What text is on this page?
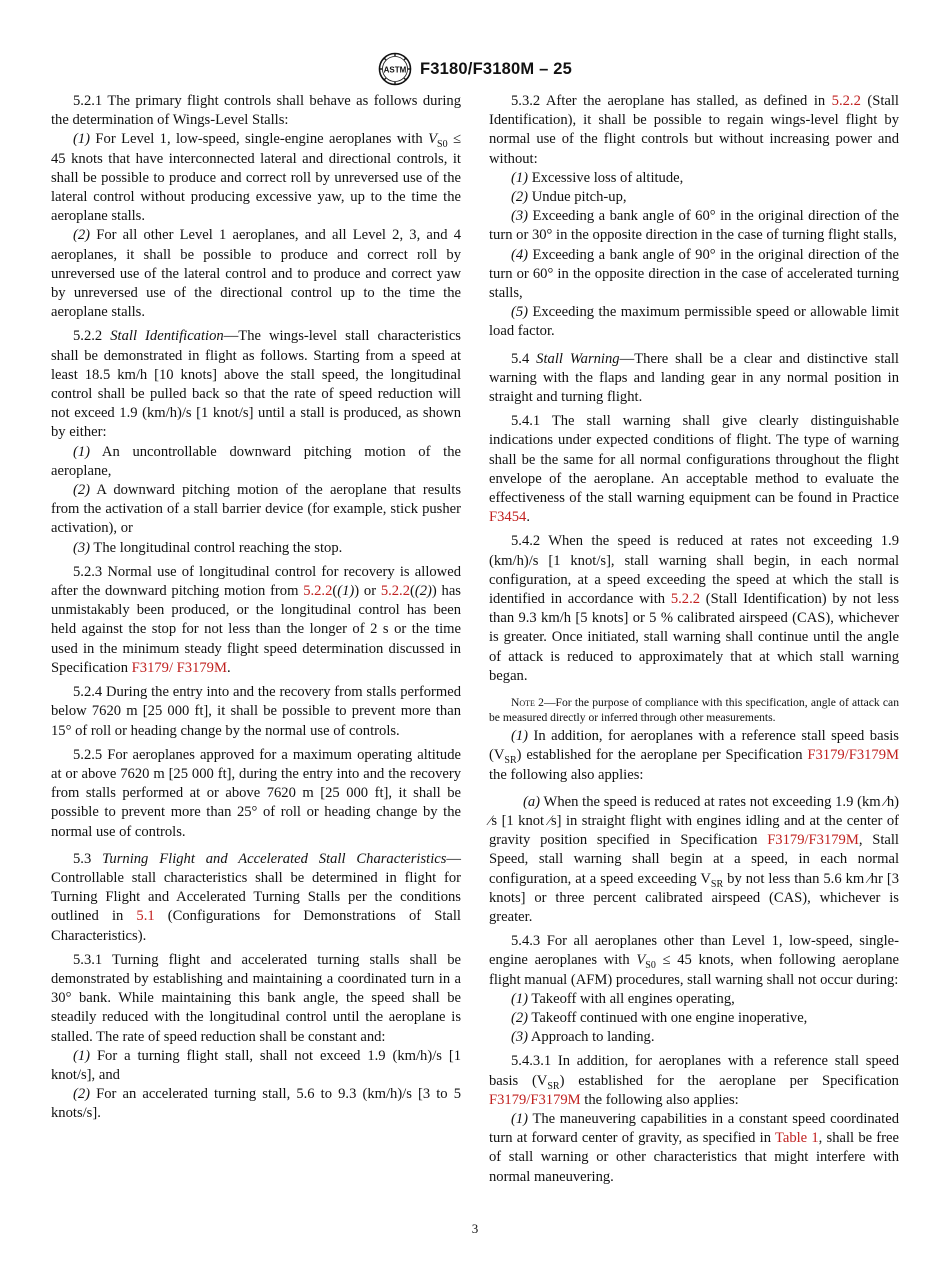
ASTM F3180/F3180M – 25

5.2.1 The primary flight controls shall behave as follows during the determination of Wings-Level Stalls:

(1) For Level 1, low-speed, single-engine aeroplanes with $V_{S0} \le 45$ knots that have interconnected lateral and directional controls, it shall be possible to produce and correct roll by unreversed use of the lateral control without producing excessive yaw, up to the time the aeroplane stalls.

(2) For all other Level 1 aeroplanes, and all Level 2, 3, and 4 aeroplanes, it shall be possible to produce and correct roll by unreversed use of the lateral control and to produce and correct yaw by unreversed use of the directional control up to the time the aeroplane stalls.

5.2.2 Stall Identification—The wings-level stall characteristics shall be demonstrated in flight as follows. Starting from a speed at least 18.5 km/h [10 knots] above the stall speed, the longitudinal control shall be pulled back so that the rate of speed reduction will not exceed 1.9 (km/h)/s [1 knot/s] until a stall is produced, as shown by either:

(1) An uncontrollable downward pitching motion of the aeroplane,

(2) A downward pitching motion of the aeroplane that results from the activation of a stall barrier device (for example, stick pusher activation), or

(3) The longitudinal control reaching the stop.

5.2.3 Normal use of longitudinal control for recovery is allowed after the downward pitching motion from 5.2.2((1)) or 5.2.2((2)) has unmistakably been produced, or the longitudinal control has been held against the stop for not less than the longer of 2 s or the time used in the minimum steady flight speed determination discussed in Specification F3179/ F3179M.

5.2.4 During the entry into and the recovery from stalls performed below 7620 m [25 000 ft], it shall be possible to prevent more than 15° of roll or heading change by the normal use of controls.

5.2.5 For aeroplanes approved for a maximum operating altitude at or above 7620 m [25 000 ft], during the entry into and the recovery from stalls performed at or above 7620 m [25 000 ft], it shall be possible to prevent more than 25° of roll or heading change by the normal use of controls.

5.3 Turning Flight and Accelerated Stall Characteristics—Controllable stall characteristics shall be determined in flight for Turning Flight and Accelerated Turning Stalls per the conditions outlined in 5.1 (Configurations for Demonstrations of Stall Characteristics).

5.3.1 Turning flight and accelerated turning stalls shall be demonstrated by establishing and maintaining a coordinated turn in a 30° bank. While maintaining this bank angle, the speed shall be steadily reduced with the longitudinal control until the aeroplane is stalled. The rate of speed reduction shall be constant and:

(1) For a turning flight stall, shall not exceed 1.9 (km/h)/s [1 knot/s], and

(2) For an accelerated turning stall, 5.6 to 9.3 (km/h)/s [3 to 5 knots/s].

5.3.2 After the aeroplane has stalled, as defined in 5.2.2 (Stall Identification), it shall be possible to regain wings-level flight by normal use of the flight controls but without increasing power and without:

(1) Excessive loss of altitude,

(2) Undue pitch-up,

(3) Exceeding a bank angle of 60° in the original direction of the turn or 30° in the opposite direction in the case of turning flight stalls,

(4) Exceeding a bank angle of 90° in the original direction of the turn or 60° in the opposite direction in the case of accelerated turning stalls,

(5) Exceeding the maximum permissible speed or allowable limit load factor.

5.4 Stall Warning—There shall be a clear and distinctive stall warning with the flaps and landing gear in any normal position in straight and turning flight.

5.4.1 The stall warning shall give clearly distinguishable indications under expected conditions of flight. The type of warning shall be the same for all normal configurations throughout the flight envelope of the aeroplane. An acceptable method to evaluate the effectiveness of the stall warning equipment can be found in Practice F3454.

5.4.2 When the speed is reduced at rates not exceeding 1.9 (km/h)/s [1 knot/s], stall warning shall begin, in each normal configuration, at a speed exceeding the speed at which the stall is identified in accordance with 5.2.2 (Stall Identification) by not less than 9.3 km/h [5 knots] or 5 % calibrated airspeed (CAS), whichever is greater. Once initiated, stall warning shall continue until the angle of attack is reduced to approximately that at which stall warning began.

Note 2—For the purpose of compliance with this specification, angle of attack can be measured directly or inferred through other measurements.

(1) In addition, for aeroplanes with a reference stall speed basis $(V_{SR})$ established for the aeroplane per Specification F3179/F3179M the following also applies:

(a) When the speed is reduced at rates not exceeding 1.9 (km ⁄h) ⁄s [1 knot ⁄s] in straight flight with engines idling and at the center of gravity position specified in Specification F3179/F3179M, Stall Speed, stall warning shall begin at a speed, in each normal configuration, at a speed exceeding $V_{SR}$ by not less than 5.6 km ⁄hr [3 knots] or three percent calibrated airspeed (CAS), whichever is greater.

5.4.3 For all aeroplanes other than Level 1, low-speed, single-engine aeroplanes with $V_{S0} \le 45$ knots, when following aeroplane flight manual (AFM) procedures, stall warning shall not occur during:

(1) Takeoff with all engines operating,

(2) Takeoff continued with one engine inoperative,

(3) Approach to landing.

5.4.3.1 In addition, for aeroplanes with a reference stall speed basis $(V_{SR})$ established for the aeroplane per Specification F3179/F3179M the following also applies:

(1) The maneuvering capabilities in a constant speed coordinated turn at forward center of gravity, as specified in Table 1, shall be free of stall warning or other characteristics that might interfere with normal maneuvering.

3
